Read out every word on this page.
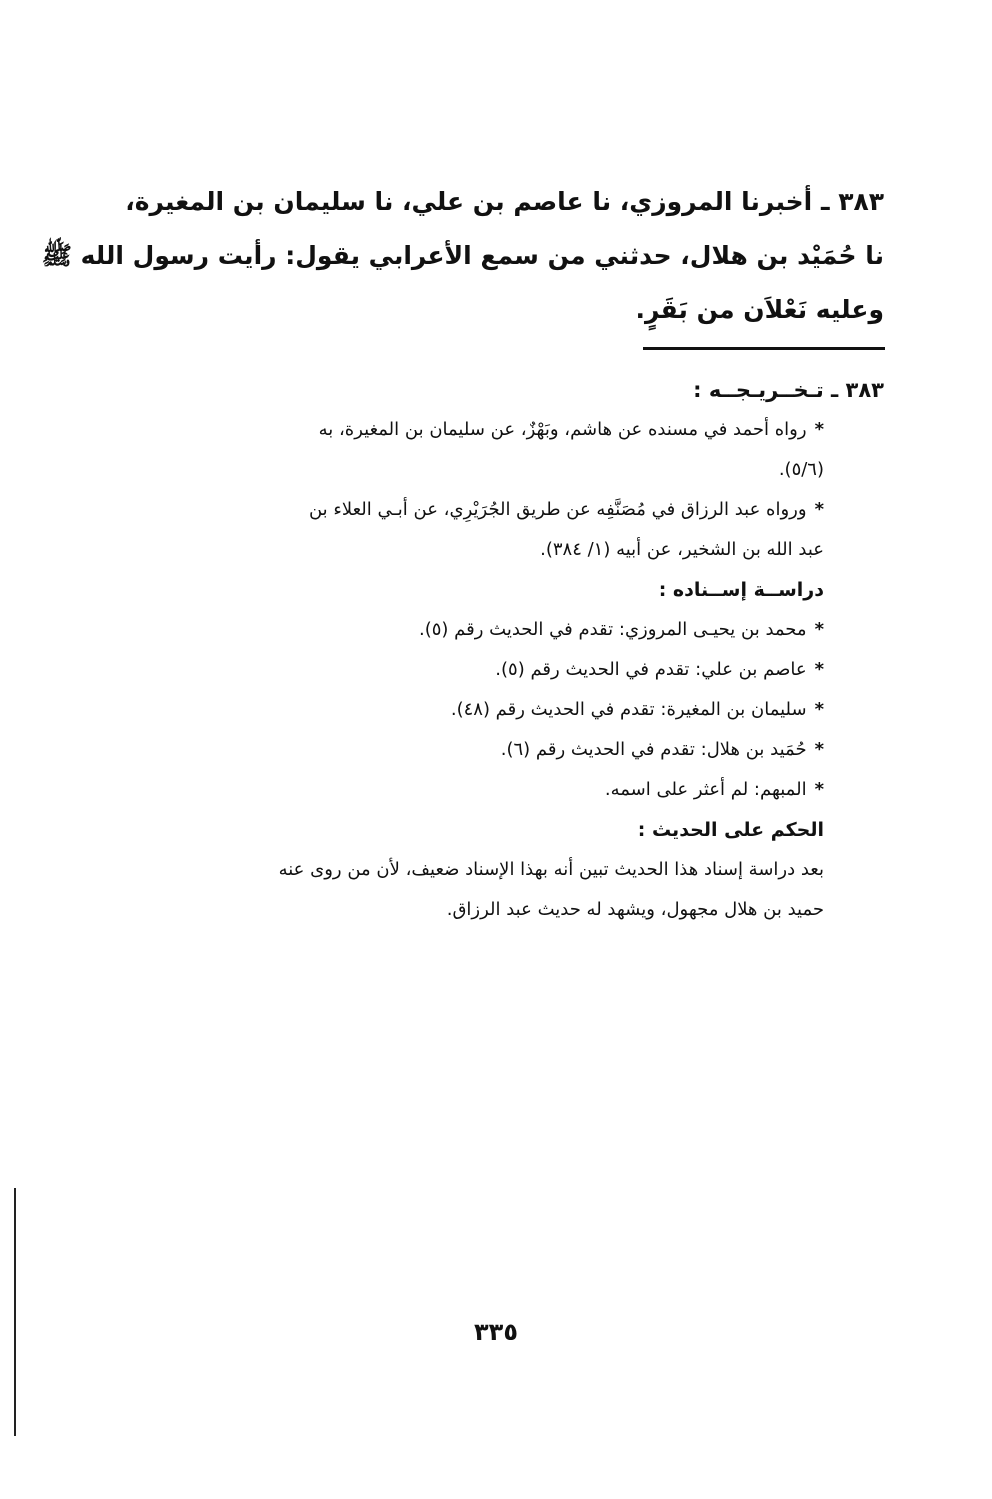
٣٨٣ ـ أخبرنا المروزي، نا عاصم بن علي، نا سليمان بن المغيرة،
نا حُمَيْد بن هلال، حدثني من سمع الأعرابي يقول: رأيت رسول الله ﷺ
وعليه نَعْلاَن من بَقَرٍ.
٣٨٣ ـ تـخــريـجــه :
*رواه أحمد في مسنده عن هاشم، وبَهْزٌ، عن سليمان بن المغيرة، به
(٥/٦).
*ورواه عبد الرزاق في مُصَنَّفِه عن طريق الجُرَيْرِي، عن أبـي العلاء بن
عبد الله بن الشخير، عن أبيه (١/ ٣٨٤).
دراســة إســناده :
*محمد بن يحيـى المروزي: تقدم في الحديث رقم (٥).
*عاصم بن علي: تقدم في الحديث رقم (٥).
*سليمان بن المغيرة: تقدم في الحديث رقم (٤٨).
*حُمَيد بن هلال: تقدم في الحديث رقم (٦).
*المبهم: لم أعثر على اسمه.
الحكم على الحديث :
بعد دراسة إسناد هذا الحديث تبين أنه بهذا الإسناد ضعيف، لأن من روى عنه
حميد بن هلال مجهول، ويشهد له حديث عبد الرزاق.
٣٣٥
